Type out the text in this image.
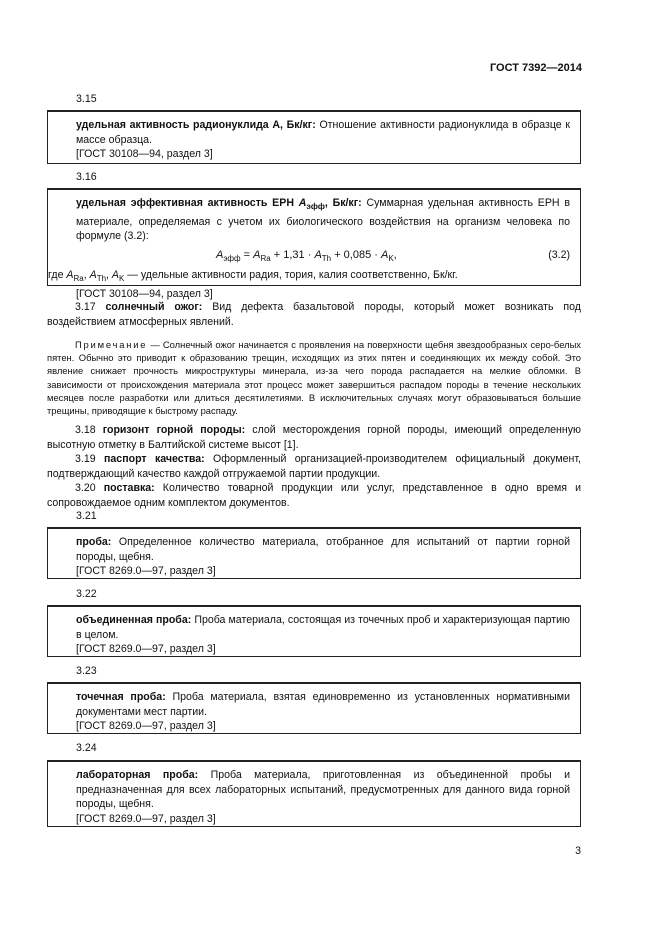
ГОСТ 7392—2014
3.15

удельная активность радионуклида А, Бк/кг: Отношение активности радионуклида в образце к массе образца.

[ГОСТ 30108—94, раздел 3]

3.16

удельная эффективная активность ЕРН $А_{эфф}$, Бк/кг: Суммарная удельная активность ЕРН в материале, определяемая с учетом их биологического воздействия на организм человека по формуле (3.2):

$A_{эфф} = A_{Ra} + 1,31 \cdot A_{Th} + 0,085 \cdot A_K$,	(3.2)

где $A_{Ra}$, $A_{Th}$, $A_K$ — удельные активности радия, тория, калия соответственно, Бк/кг.

[ГОСТ 30108—94, раздел 3]

3.17 солнечный ожог: Вид дефекта базальтовой породы, который может возникать под воздействием атмосферных явлений.

Примечание — Солнечный ожог начинается с проявления на поверхности щебня звездообразных серо-белых пятен. Обычно это приводит к образованию трещин, исходящих из этих пятен и соединяющих их между собой. Это явление снижает прочность микроструктуры минерала, из-за чего порода распадается на мелкие обломки. В зависимости от происхождения материала этот процесс может завершиться распадом породы в течение нескольких месяцев после разработки или длиться десятилетиями. В исключительных случаях могут образовываться большие трещины, приводящие к быстрому распаду.

3.18 горизонт горной породы: слой месторождения горной породы, имеющий определенную высотную отметку в Балтийской системе высот [1].

3.19 паспорт качества: Оформленный организацией-производителем официальный документ, подтверждающий качество каждой отгружаемой партии продукции.

3.20 поставка: Количество товарной продукции или услуг, представленное в одно время и сопровождаемое одним комплектом документов.

3.21

проба: Определенное количество материала, отобранное для испытаний от партии горной породы, щебня.

[ГОСТ 8269.0—97, раздел 3]

3.22

объединенная проба: Проба материала, состоящая из точечных проб и характеризующая партию в целом.

[ГОСТ 8269.0—97, раздел 3]

3.23

точечная проба: Проба материала, взятая единовременно из установленных нормативными документами мест партии.

[ГОСТ 8269.0—97, раздел 3]

3.24

лабораторная проба: Проба материала, приготовленная из объединенной пробы и предназначенная для всех лабораторных испытаний, предусмотренных для данного вида горной породы, щебня.

[ГОСТ 8269.0—97, раздел 3]

3
